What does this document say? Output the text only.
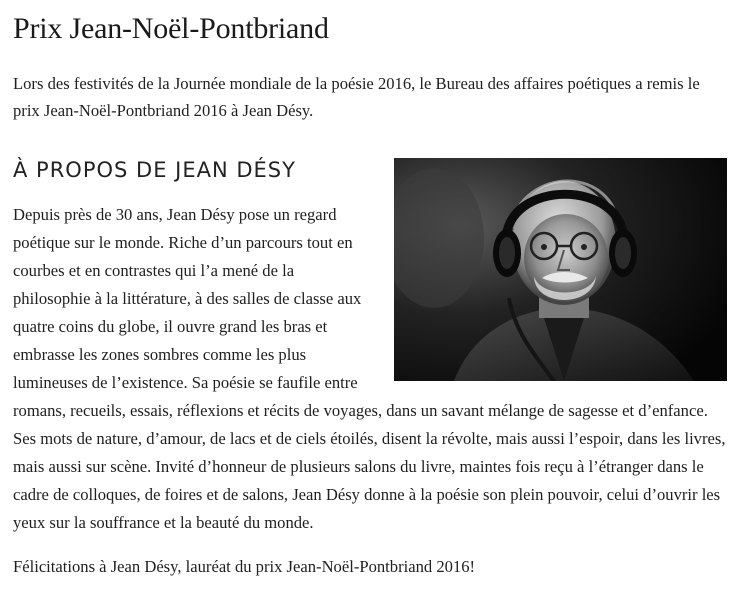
Prix Jean-Noël-Pontbriand

Lors des festivités de la Journée mondiale de la poésie 2016, le Bureau des affaires poétiques a remis le prix Jean-Noël-Pontbriand 2016 à Jean Désy.

À PROPOS DE JEAN DÉSY
Depuis près de 30 ans, Jean Désy pose un regard poétique sur le monde. Riche d’un parcours tout en courbes et en contrastes qui l’a mené de la philosophie à la littérature, à des salles de classe aux quatre coins du globe, il ouvre grand les bras et embrasse les zones sombres comme les plus lumineuses de l’existence. Sa poésie se faufile entre romans, recueils, essais, réflexions et récits de voyages, dans un savant mélange de sagesse et d’enfance. Ses mots de nature, d’amour, de lacs et de ciels étoilés, disent la révolte, mais aussi l’espoir, dans les livres, mais aussi sur scène. Invité d’honneur de plusieurs salons du livre, maintes fois reçu à l’étranger dans le cadre de colloques, de foires et de salons, Jean Désy donne à la poésie son plein pouvoir, celui d’ouvrir les yeux sur la souffrance et la beauté du monde.

Félicitations à Jean Désy, lauréat du prix Jean-Noël-Pontbriand 2016!
